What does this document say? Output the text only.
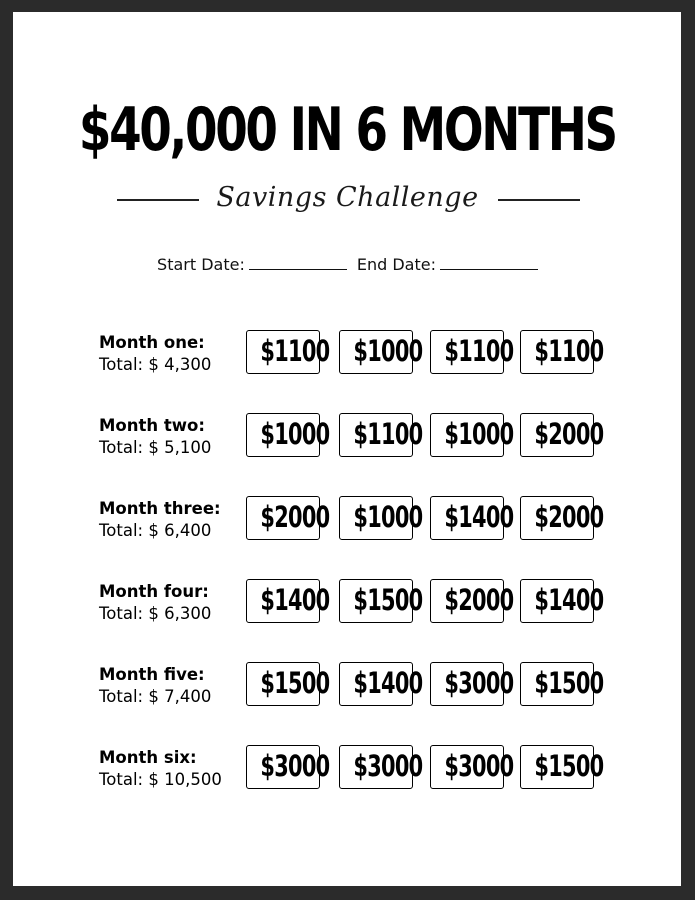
$40,000 IN 6 MONTHS
Savings Challenge
Start Date:	End Date:
Month one:
Total: $ 4,300	$1100 $1000 $1100 $1100
Month two:
Total: $ 5,100	$1000 $1100 $1000 $2000
Month three:
Total: $ 6,400	$2000 $1000 $1400 $2000
Month four:
Total: $ 6,300	$1400 $1500 $2000 $1400
Month five:
Total: $ 7,400	$1500 $1400 $3000 $1500
Month six:
Total: $ 10,500	$3000 $3000 $3000 $1500
